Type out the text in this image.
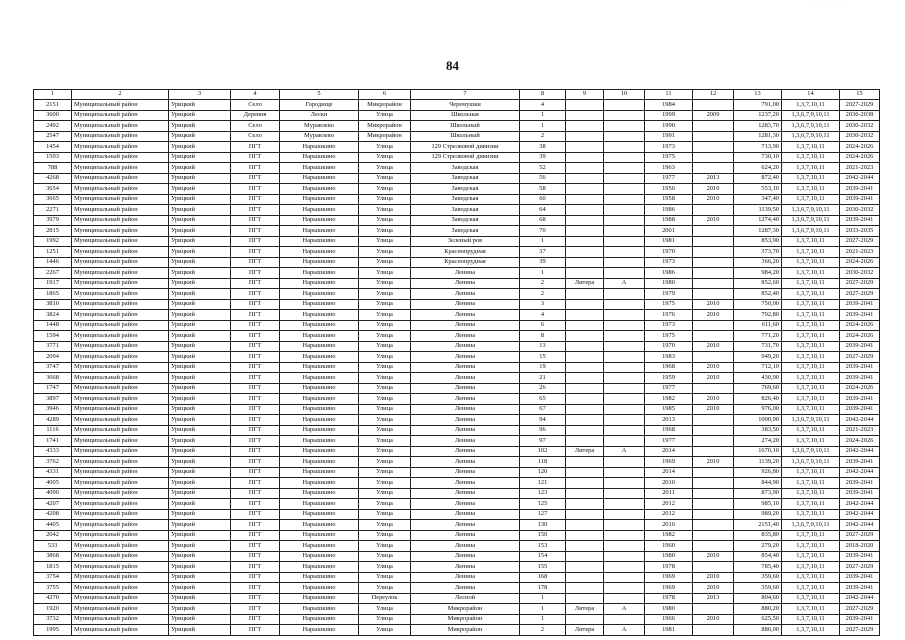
· · · · · ·
84
1	2	3	4	5	6	7	8	9	10	11	12	13	14	15
2151	Муниципальный район	Урицкий	Село	Городище	Микрорайон	Черемушки	4			1984		791,00	1,3,7,10,11	2027-2029
3600	Муниципальный район	Урицкий	Деревня	Лески	Улица	Школьная	1			1999	2009	1237,20	1,3,6,7,9,10,11	2036-2038
2492	Муниципальный район	Урицкий	Село	Муравлево	Микрорайон	Школьный	1			1990		1283,70	1,3,6,7,9,10,11	2030-2032
2547	Муниципальный район	Урицкий	Село	Муравлево	Микрорайон	Школьный	2			1991		1281,30	1,3,6,7,9,10,11	2030-2032
1454	Муниципальный район	Урицкий	ПГТ	Нарышкино	Улица	129 Стрелковой дивизии	38			1973		713,90	1,3,7,10,11	2024-2026
1593	Муниципальный район	Урицкий	ПГТ	Нарышкино	Улица	129 Стрелковой дивизии	39			1975		730,10	1,3,7,10,11	2024-2026
788	Муниципальный район	Урицкий	ПГТ	Нарышкино	Улица	Заводская	52			1963		624,20	1,3,7,10,11	2021-2023
4268	Муниципальный район	Урицкий	ПГТ	Нарышкино	Улица	Заводская	56			1977	2013	872,40	1,3,7,10,11	2042-2044
3654	Муниципальный район	Урицкий	ПГТ	Нарышкино	Улица	Заводская	58			1956	2010	553,10	1,3,7,10,11	2039-2041
3665	Муниципальный район	Урицкий	ПГТ	Нарышкино	Улица	Заводская	60			1958	2010	347,40	1,3,7,10,11	2039-2041
2271	Муниципальный район	Урицкий	ПГТ	Нарышкино	Улица	Заводская	64			1986		1139,50	1,3,6,7,9,10,11	2030-2032
3979	Муниципальный район	Урицкий	ПГТ	Нарышкино	Улица	Заводская	68			1988	2010	1274,40	1,3,6,7,9,10,11	2039-2041
2815	Муниципальный район	Урицкий	ПГТ	Нарышкино	Улица	Заводская	70			2001		1287,30	1,3,6,7,9,10,11	2033-2035
1992	Муниципальный район	Урицкий	ПГТ	Нарышкино	Улица	Зеленый ров	1			1981		853,90	1,3,7,10,11	2027-2029
1251	Муниципальный район	Урицкий	ПГТ	Нарышкино	Улица	Краснопрудная	37			1970		373,70	1,3,7,10,11	2021-2023
1446	Муниципальный район	Урицкий	ПГТ	Нарышкино	Улица	Краснопрудная	39			1973		366,20	1,3,7,10,11	2024-2026
2267	Муниципальный район	Урицкий	ПГТ	Нарышкино	Улица	Ленина	1			1986		984,20	1,3,7,10,11	2030-2032
1917	Муниципальный район	Урицкий	ПГТ	Нарышкино	Улица	Ленина	2	Литера	А	1980		852,60	1,3,7,10,11	2027-2029
1865	Муниципальный район	Урицкий	ПГТ	Нарышкино	Улица	Ленина	2			1979		852,40	1,3,7,10,11	2027-2029
3810	Муниципальный район	Урицкий	ПГТ	Нарышкино	Улица	Ленина	3			1975	2010	750,00	1,3,7,10,11	2039-2041
3824	Муниципальный район	Урицкий	ПГТ	Нарышкино	Улица	Ленина	4			1976	2010	792,80	1,3,7,10,11	2039-2041
1448	Муниципальный район	Урицкий	ПГТ	Нарышкино	Улица	Ленина	6			1973		611,60	1,3,7,10,11	2024-2026
1594	Муниципальный район	Урицкий	ПГТ	Нарышкино	Улица	Ленина	8			1975		771,20	1,3,7,10,11	2024-2026
3771	Муниципальный район	Урицкий	ПГТ	Нарышкино	Улица	Ленина	13			1970	2010	731,70	1,3,7,10,11	2039-2041
2094	Муниципальный район	Урицкий	ПГТ	Нарышкино	Улица	Ленина	15			1983		949,20	1,3,7,10,11	2027-2029
3747	Муниципальный район	Урицкий	ПГТ	Нарышкино	Улица	Ленина	19			1968	2010	712,10	1,3,7,10,11	2039-2041
3668	Муниципальный район	Урицкий	ПГТ	Нарышкино	Улица	Ленина	21			1959	2010	430,90	1,3,7,10,11	2039-2041
1747	Муниципальный район	Урицкий	ПГТ	Нарышкино	Улица	Ленина	26			1977		769,60	1,3,7,10,11	2024-2026
3897	Муниципальный район	Урицкий	ПГТ	Нарышкино	Улица	Ленина	65			1982	2010	826,40	1,3,7,10,11	2039-2041
3946	Муниципальный район	Урицкий	ПГТ	Нарышкино	Улица	Ленина	67			1985	2010	976,00	1,3,7,10,11	2039-2041
4289	Муниципальный район	Урицкий	ПГТ	Нарышкино	Улица	Ленина	94			2013		1000,90	1,3,6,7,9,10,11	2042-2044
1116	Муниципальный район	Урицкий	ПГТ	Нарышкино	Улица	Ленина	96			1968		383,50	1,3,7,10,11	2021-2023
1741	Муниципальный район	Урицкий	ПГТ	Нарышкино	Улица	Ленина	97			1977		274,20	1,3,7,10,11	2024-2026
4333	Муниципальный район	Урицкий	ПГТ	Нарышкино	Улица	Ленина	102	Литера	А	2014		1670,10	1,3,6,7,9,10,11	2042-2044
3762	Муниципальный район	Урицкий	ПГТ	Нарышкино	Улица	Ленина	118			1969	2010	1139,20	1,3,6,7,9,10,11	2039-2041
4331	Муниципальный район	Урицкий	ПГТ	Нарышкино	Улица	Ленина	120			2014		926,80	1,3,7,10,11	2042-2044
4005	Муниципальный район	Урицкий	ПГТ	Нарышкино	Улица	Ленина	121			2010		844,90	1,3,7,10,11	2039-2041
4096	Муниципальный район	Урицкий	ПГТ	Нарышкино	Улица	Ленина	123			2011		873,90	1,3,7,10,11	2039-2041
4207	Муниципальный район	Урицкий	ПГТ	Нарышкино	Улица	Ленина	125			2012		985,10	1,3,7,10,11	2042-2044
4208	Муниципальный район	Урицкий	ПГТ	Нарышкино	Улица	Ленина	127			2012		989,20	1,3,7,10,11	2042-2044
4405	Муниципальный район	Урицкий	ПГТ	Нарышкино	Улица	Ленина	130			2016		2151,40	1,3,6,7,9,10,11	2042-2044
2042	Муниципальный район	Урицкий	ПГТ	Нарышкино	Улица	Ленина	150			1982		835,80	1,3,7,10,11	2027-2029
533	Муниципальный район	Урицкий	ПГТ	Нарышкино	Улица	Ленина	153			1960		279,20	1,3,7,10,11	2018-2020
3868	Муниципальный район	Урицкий	ПГТ	Нарышкино	Улица	Ленина	154			1980	2010	854,40	1,3,7,10,11	2039-2041
1815	Муниципальный район	Урицкий	ПГТ	Нарышкино	Улица	Ленина	155			1978		785,40	1,3,7,10,11	2027-2029
3754	Муниципальный район	Урицкий	ПГТ	Нарышкино	Улица	Ленина	168			1969	2010	359,60	1,3,7,10,11	2039-2041
3755	Муниципальный район	Урицкий	ПГТ	Нарышкино	Улица	Ленина	178			1969	2010	359,60	1,3,7,10,11	2039-2041
4270	Муниципальный район	Урицкий	ПГТ	Нарышкино	Переулок	Лесной	1			1978	2013	804,60	1,3,7,10,11	2042-2044
1920	Муниципальный район	Урицкий	ПГТ	Нарышкино	Улица	Микрорайон	1	Литера	А	1980		880,20	1,3,7,10,11	2027-2029
3732	Муниципальный район	Урицкий	ПГТ	Нарышкино	Улица	Микрорайон	1			1966	2010	625,50	1,3,7,10,11	2039-2041
1995	Муниципальный район	Урицкий	ПГТ	Нарышкино	Улица	Микрорайон	2	Литера	А	1981		880,00	1,3,7,10,11	2027-2029
